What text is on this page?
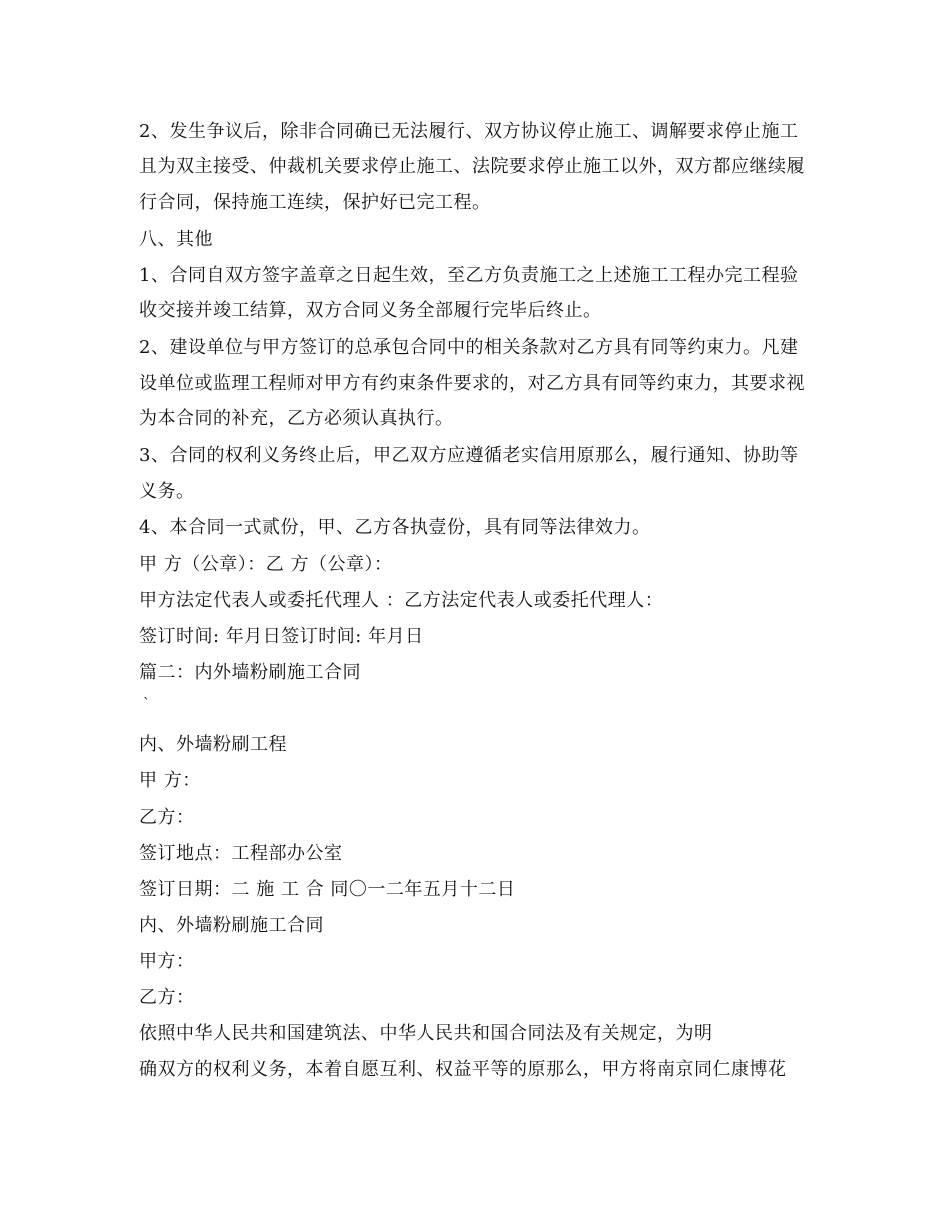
2、发生争议后，除非合同确已无法履行、双方协议停止施工、调解要求停止施工
且为双主接受、仲裁机关要求停止施工、法院要求停止施工以外，双方都应继续履
行合同，保持施工连续，保护好已完工程。
八、其他
1、合同自双方签字盖章之日起生效，至乙方负责施工之上述施工工程办完工程验
收交接并竣工结算，双方合同义务全部履行完毕后终止。
2、建设单位与甲方签订的总承包合同中的相关条款对乙方具有同等约束力。凡建
设单位或监理工程师对甲方有约束条件要求的，对乙方具有同等约束力，其要求视
为本合同的补充，乙方必须认真执行。
3、合同的权利义务终止后，甲乙双方应遵循老实信用原那么，履行通知、协助等
义务。
4、本合同一式贰份，甲、乙方各执壹份，具有同等法律效力。
甲 方（公章）：乙 方（公章）：
甲方法定代表人或委托代理人 ：乙方法定代表人或委托代理人：
签订时间: 年月日签订时间: 年月日
篇二：内外墙粉刷施工合同
`
内、外墙粉刷工程
甲 方：
乙方：
签订地点：工程部办公室
签订日期：二 施 工 合 同〇一二年五月十二日
内、外墙粉刷施工合同
甲方：
乙方：
依照中华人民共和国建筑法、中华人民共和国合同法及有关规定，为明
确双方的权利义务，本着自愿互利、权益平等的原那么，甲方将南京同仁康博花
